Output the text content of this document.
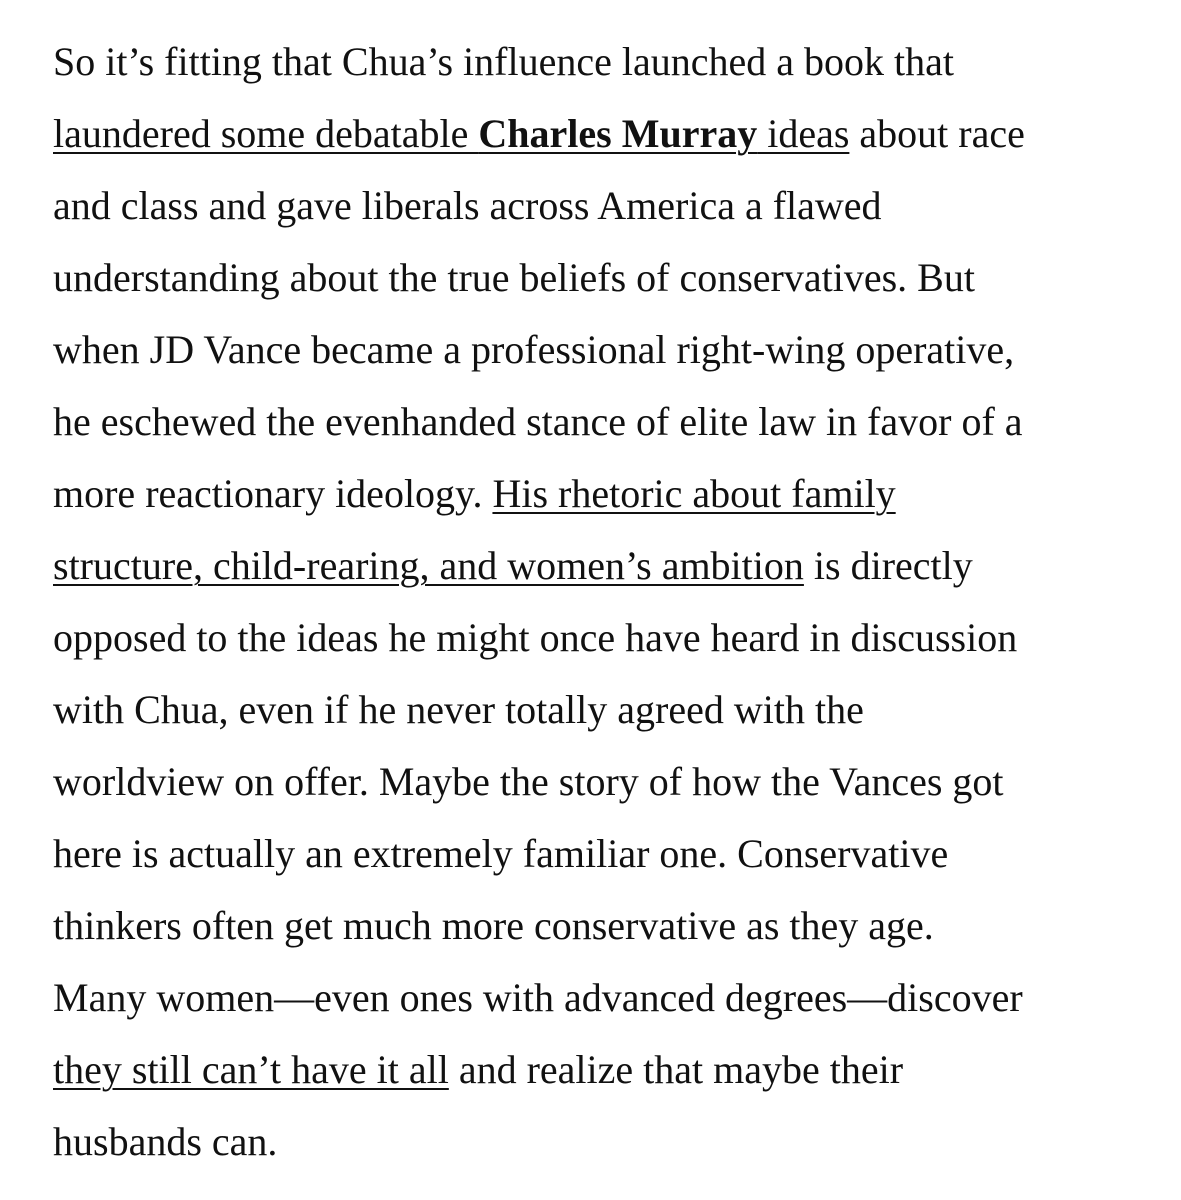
So it’s fitting that Chua’s influence launched a book that
laundered some debatable Charles Murray ideas about race
and class and gave liberals across America a flawed
understanding about the true beliefs of conservatives. But
when JD Vance became a professional right-wing operative,
he eschewed the evenhanded stance of elite law in favor of a
more reactionary ideology. His rhetoric about family
structure, child-rearing, and women’s ambition is directly
opposed to the ideas he might once have heard in discussion
with Chua, even if he never totally agreed with the
worldview on offer. Maybe the story of how the Vances got
here is actually an extremely familiar one. Conservative
thinkers often get much more conservative as they age.
Many women—even ones with advanced degrees—discover
they still can’t have it all and realize that maybe their
husbands can.
